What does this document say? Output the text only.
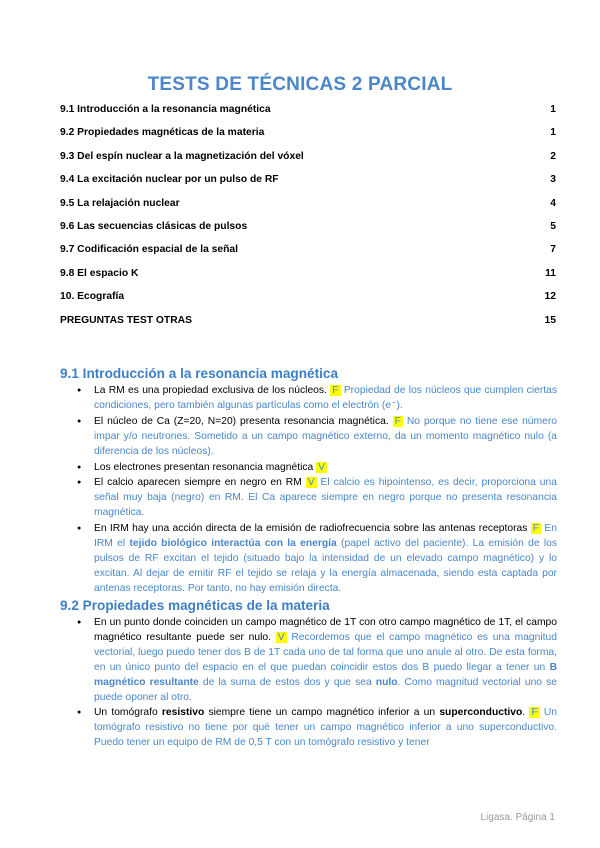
TESTS DE TÉCNICAS 2 PARCIAL
9.1 Introducción a la resonancia magnética	1
9.2 Propiedades magnéticas de la materia	1
9.3 Del espín nuclear a la magnetización del vóxel	2
9.4 La excitación nuclear por un pulso de RF	3
9.5 La relajación nuclear	4
9.6 Las secuencias clásicas de pulsos	5
9.7 Codificación espacial de la señal	7
9.8 El espacio K	11
10. Ecografía	12
PREGUNTAS TEST OTRAS	15
9.1 Introducción a la resonancia magnética
● La RM es una propiedad exclusiva de los núcleos. F Propiedad de los núcleos que cumplen ciertas condiciones, pero también algunas partículas como el electrón (e⁻).
● El núcleo de Ca (Z=20, N=20) presenta resonancia magnética. F No porque no tiene ese número impar y/o neutrones. Sometido a un campo magnético externo, da un momento magnético nulo (a diferencia de los núcleos).
● Los electrones presentan resonancia magnética V
● El calcio aparecen siempre en negro en RM V El calcio es hipointenso, es decir, proporciona una señal muy baja (negro) en RM. El Ca aparece siempre en negro porque no presenta resonancia magnética.
● En IRM hay una acción directa de la emisión de radiofrecuencia sobre las antenas receptoras F En IRM el tejido biológico interactúa con la energía (papel activo del paciente). La emisión de los pulsos de RF excitan el tejido (situado bajo la intensidad de un elevado campo magnético) y lo excitan. Al dejar de emitir RF el tejido se relaja y la energía almacenada, siendo esta captada por antenas receptoras. Por tanto, no hay emisión directa.
9.2 Propiedades magnéticas de la materia
● En un punto donde coinciden un campo magnético de 1T con otro campo magnético de 1T, el campo magnético resultante puede ser nulo. V Recordemos que el campo magnético es una magnitud vectorial, luego puedo tener dos B de 1T cada uno de tal forma que uno anule al otro. De esta forma, en un único punto del espacio en el que puedan coincidir estos dos B puedo llegar a tener un B magnético resultante de la suma de estos dos y que sea nulo. Como magnitud vectorial uno se puede oponer al otro.
● Un tomógrafo resistivo siempre tiene un campo magnético inferior a un superconductivo. F Un tomógrafo resistivo no tiene por qué tener un campo magnético inferior a uno superconductivo. Puedo tener un equipo de RM de 0,5 T con un tomógrafo resistivo y tener
Ligasa. Página 1
